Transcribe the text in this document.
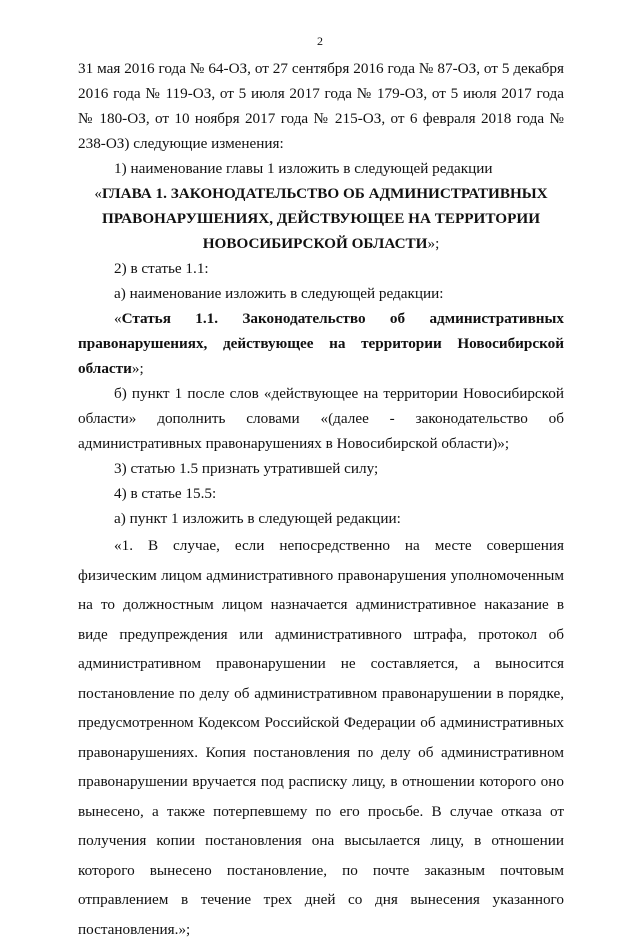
2

31 мая 2016 года № 64-ОЗ, от 27 сентября 2016 года № 87-ОЗ, от 5 декабря 2016 года № 119-ОЗ, от 5 июля 2017 года № 179-ОЗ, от 5 июля 2017 года № 180-ОЗ, от 10 ноября 2017 года № 215-ОЗ, от 6 февраля 2018 года № 238-ОЗ) следующие изменения:

1) наименование главы 1 изложить в следующей редакции

«ГЛАВА 1. ЗАКОНОДАТЕЛЬСТВО ОБ АДМИНИСТРАТИВНЫХ ПРАВОНАРУШЕНИЯХ, ДЕЙСТВУЮЩЕЕ НА ТЕРРИТОРИИ НОВОСИБИРСКОЙ ОБЛАСТИ»;

2) в статье 1.1:

а) наименование изложить в следующей редакции:

«Статья 1.1. Законодательство об административных правонарушениях, действующее на территории Новосибирской области»;

б) пункт 1 после слов «действующее на территории Новосибирской области» дополнить словами «(далее - законодательство об административных правонарушениях в Новосибирской области)»;

3) статью 1.5 признать утратившей силу;

4) в статье 15.5:

а) пункт 1 изложить в следующей редакции:

«1. В случае, если непосредственно на месте совершения физическим лицом административного правонарушения уполномоченным на то должностным лицом назначается административное наказание в виде предупреждения или административного штрафа, протокол об административном правонарушении не составляется, а выносится постановление по делу об административном правонарушении в порядке, предусмотренном Кодексом Российской Федерации об административных правонарушениях. Копия постановления по делу об административном правонарушении вручается под расписку лицу, в отношении которого оно вынесено, а также потерпевшему по его просьбе. В случае отказа от получения копии постановления она высылается лицу, в отношении которого вынесено постановление, по почте заказным почтовым отправлением в течение трех дней со дня вынесения указанного постановления.»;
